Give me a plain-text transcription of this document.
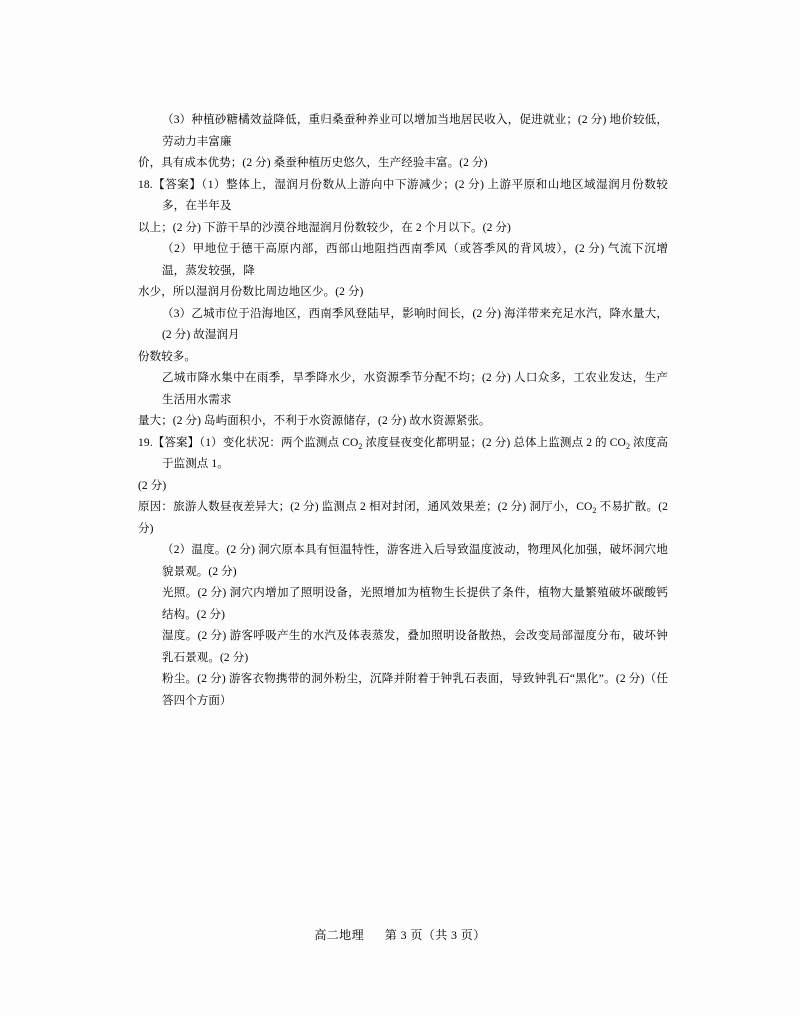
（3）种植砂糖橘效益降低，重归桑蚕种养业可以增加当地居民收入，促进就业；(2 分) 地价较低，劳动力丰富廉
价，具有成本优势；(2 分) 桑蚕种植历史悠久，生产经验丰富。(2 分)
18.【答案】（1）整体上，湿润月份数从上游向中下游减少；(2 分) 上游平原和山地区域湿润月份数较多，在半年及
以上；(2 分) 下游干旱的沙漠谷地湿润月份数较少，在 2 个月以下。(2 分)
（2）甲地位于德干高原内部，西部山地阻挡西南季风（或答季风的背风坡），(2 分) 气流下沉增温，蒸发较强，降
水少，所以湿润月份数比周边地区少。(2 分)
（3）乙城市位于沿海地区，西南季风登陆早，影响时间长，(2 分) 海洋带来充足水汽，降水量大，(2 分) 故湿润月
份数较多。
乙城市降水集中在雨季，旱季降水少，水资源季节分配不均；(2 分) 人口众多，工农业发达，生产生活用水需求
量大；(2 分) 岛屿面积小，不利于水资源储存，(2 分) 故水资源紧张。
19.【答案】（1）变化状况：两个监测点 $CO_2$ 浓度昼夜变化都明显；(2 分) 总体上监测点 2 的 $CO_2$ 浓度高于监测点 1。
(2 分)
原因：旅游人数昼夜差异大；(2 分) 监测点 2 相对封闭，通风效果差；(2 分) 洞厅小，$CO_2$ 不易扩散。(2 分)
（2）温度。(2 分) 洞穴原本具有恒温特性，游客进入后导致温度波动，物理风化加强，破坏洞穴地貌景观。(2 分)
光照。(2 分) 洞穴内增加了照明设备，光照增加为植物生长提供了条件，植物大量繁殖破坏碳酸钙结构。(2 分)
湿度。(2 分) 游客呼吸产生的水汽及体表蒸发，叠加照明设备散热，会改变局部湿度分布，破坏钟乳石景观。(2 分)
粉尘。(2 分) 游客衣物携带的洞外粉尘，沉降并附着于钟乳石表面，导致钟乳石“黑化”。(2 分)（任答四个方面）
高二地理 第 3 页（共 3 页）
